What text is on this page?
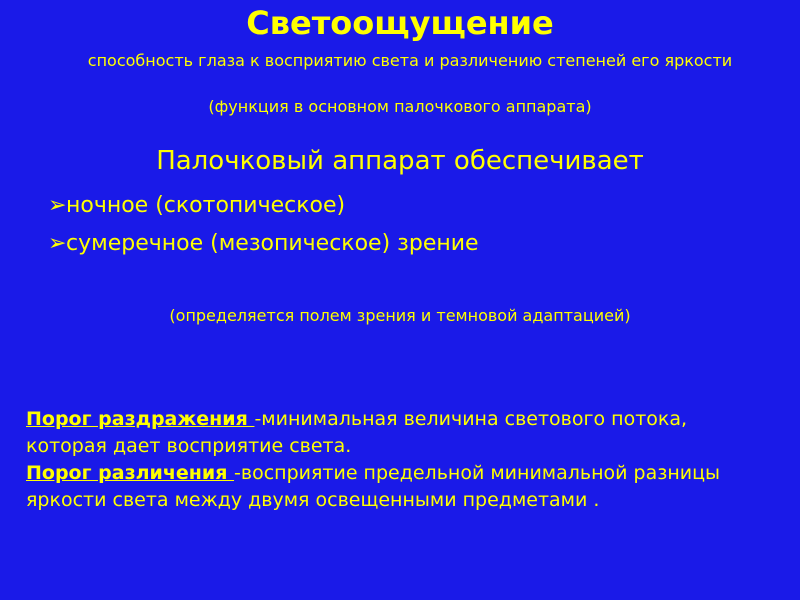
Светоощущение
способность глаза к восприятию света и различению степеней его яркости
(функция в основном палочкового аппарата)
Палочковый аппарат обеспечивает
➢ночное (скотопическое)
➢сумеречное (мезопическое) зрение
(определяется полем зрения и темновой адаптацией)
Порог раздражения -минимальная величина светового потока, которая дает восприятие света.
Порог различения -восприятие предельной минимальной разницы яркости света между двумя освещенными предметами .
